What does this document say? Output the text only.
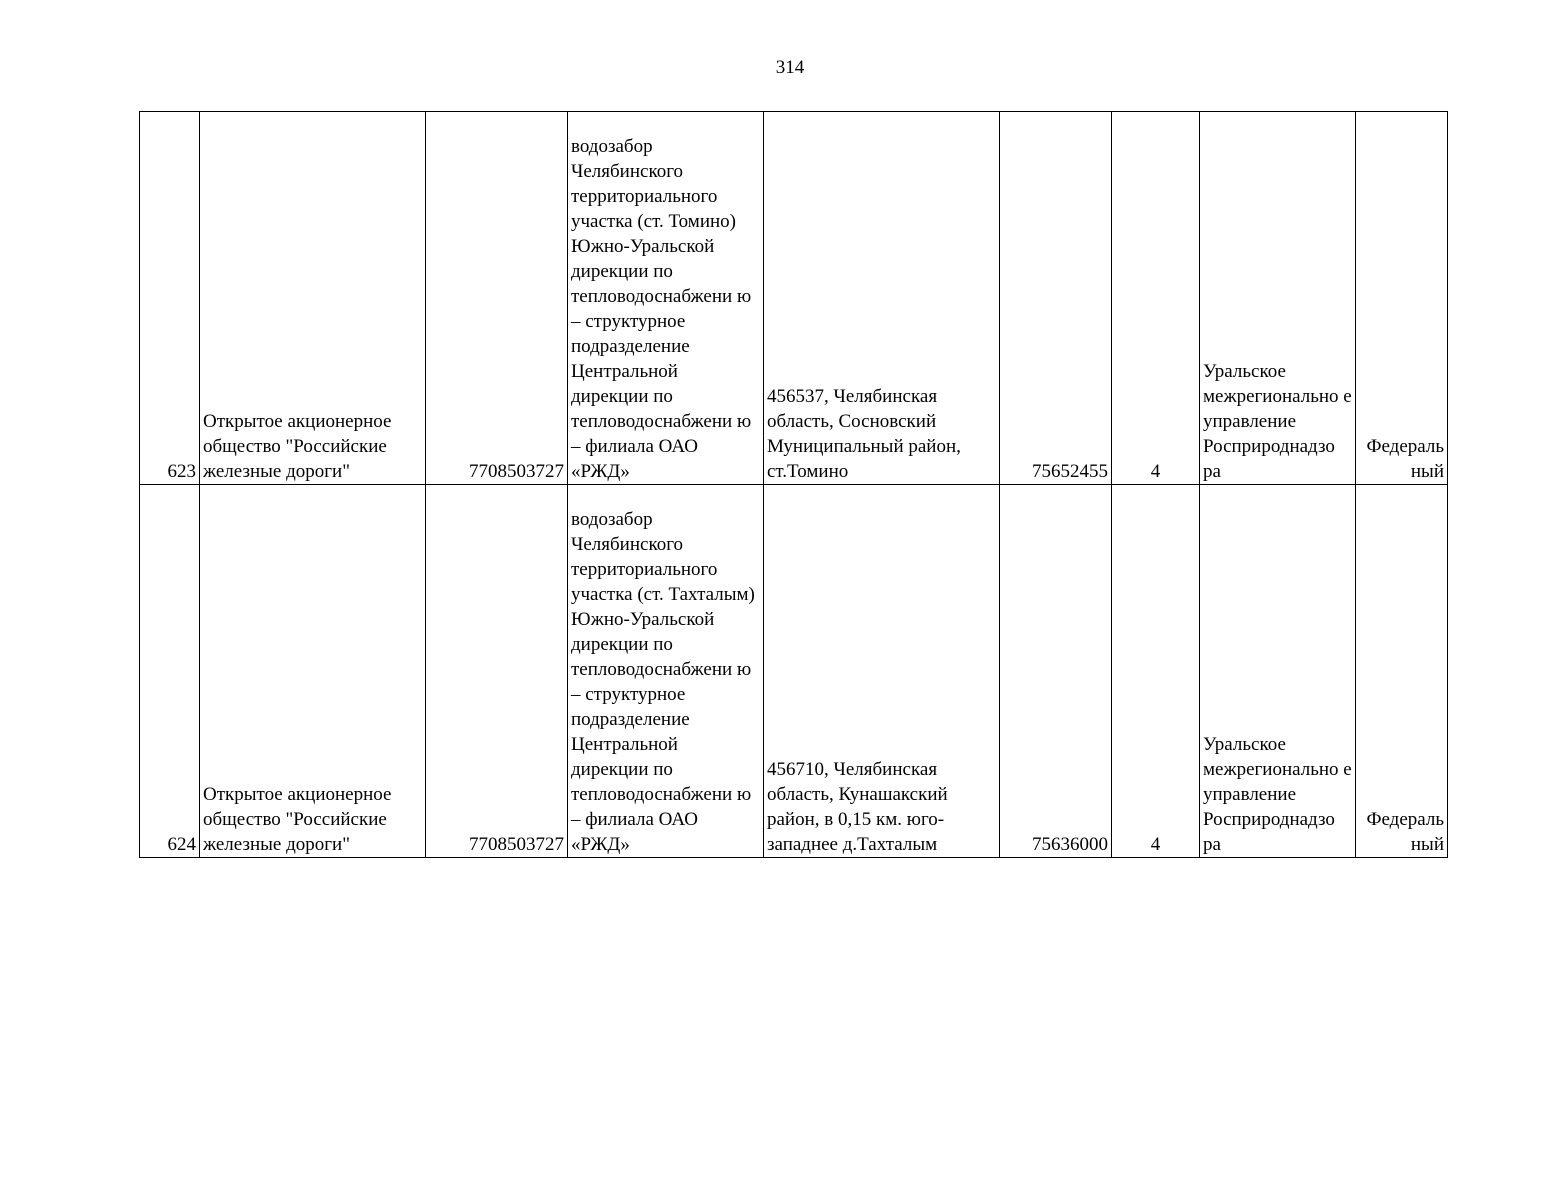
314
623	Открытое акционерное общество "Российские железные дороги"	7708503727	водозабор Челябинского территориального участка (ст. Томино) Южно-Уральской дирекции по тепловодоснабжени ю – структурное подразделение Центральной дирекции по тепловодоснабжени ю – филиала ОАО «РЖД»	456537, Челябинская область, Сосновский Муниципальный район, ст.Томино	75652455	4	Уральское межрегионально е управление Росприроднадзо ра	Федераль ный

624	Открытое акционерное общество "Российские железные дороги"	7708503727	водозабор Челябинского территориального участка (ст. Тахталым) Южно-Уральской дирекции по тепловодоснабжени ю – структурное подразделение Центральной дирекции по тепловодоснабжени ю – филиала ОАО «РЖД»	456710, Челябинская область, Кунашакский район, в 0,15 км. юго-западнее д.Тахталым	75636000	4	Уральское межрегионально е управление Росприроднадзо ра	Федераль ный
